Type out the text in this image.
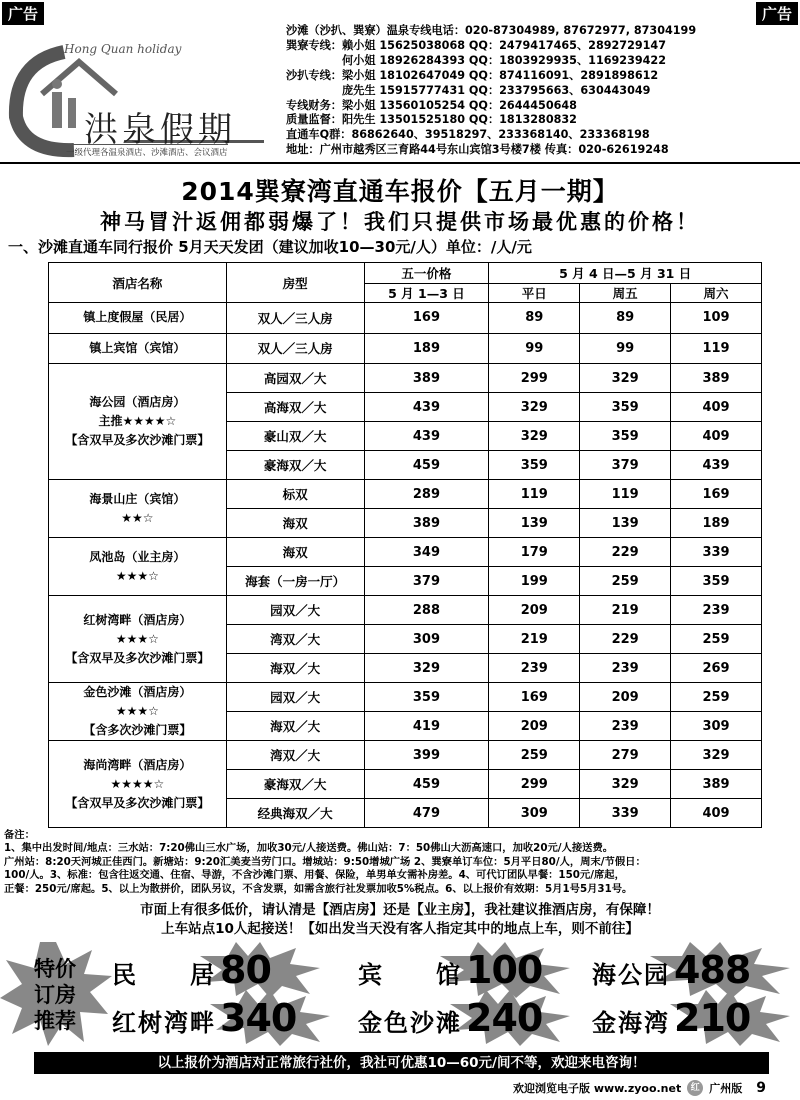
广告	广告
Hong Quan holiday
洪泉假期
一级代理各温泉酒店、沙滩酒店、会议酒店
沙滩（沙扒、巽寮）温泉专线电话：020-87304989, 87672977, 87304199
巽寮专线：赖小姐 15625038068 QQ：2479417465、2892729147
　　　　　何小姐 18926284393 QQ：1803929935、1169239422
沙扒专线：梁小姐 18102647049 QQ：874116091、2891898612
　　　　　庞先生 15915777431 QQ：233795663、630443049
专线财务：梁小姐 13560105254 QQ：2644450648
质量监督：阳先生 13501525180 QQ：1813280832
直通车Q群：86862640、39518297、233368140、233368198
地址：广州市越秀区三育路44号东山宾馆3号楼7楼 传真：020-62619248
2014巽寮湾直通车报价【五月一期】
神马冒汁返佣都弱爆了！我们只提供市场最优惠的价格！
一、沙滩直通车同行报价 5月天天发团（建议加收10—30元/人）单位：/人/元
酒店名称	房型	五一价格	5 月 4 日—5 月 31 日		
		5 月 1—3 日	平日	周五	周六

镇上度假屋（民居）	双人／三人房	169	89	89	109

镇上宾馆（宾馆）	双人／三人房	189	99	99	119

海公园（酒店房）
主推★★★★☆
【含双早及多次沙滩门票】	高园双／大	389	299	329	389
	高海双／大	439	329	359	409
	豪山双／大	439	329	359	409
	豪海双／大	459	359	379	439

海景山庄（宾馆）
★★☆	标双	289	119	119	169
	海双	389	139	139	189

凤池岛（业主房）
★★★☆	海双	349	179	229	339
	海套（一房一厅）	379	199	259	359

红树湾畔（酒店房）
★★★☆
【含双早及多次沙滩门票】	园双／大	288	209	219	239
	湾双／大	309	219	229	259
	海双／大	329	239	239	269

金色沙滩（酒店房）
★★★☆
【含多次沙滩门票】	园双／大	359	169	209	259
	海双／大	419	209	239	309

海尚湾畔（酒店房）
★★★★☆
【含双早及多次沙滩门票】	湾双／大	399	259	279	329
	豪海双／大	459	299	329	389
	经典海双／大	479	309	339	409
备注：
1、集中出发时间/地点：三水站：7:20佛山三水广场，加收30元/人接送费。佛山站：7：50佛山大沥高速口，加收20元/人接送费。
广州站：8:20天河城正佳西门。新塘站：9:20汇美麦当劳门口。增城站：9:50增城广场 2、巽寮单订车位：5月平日80/人，周末/节假日：
100/人。3、标准：包含往返交通、住宿、导游，不含沙滩门票、用餐、保险，单男单女需补房差。4、可代订团队早餐：150元/席起，
正餐：250元/席起。5、以上为散拼价，团队另议，不含发票，如需含旅行社发票加收5%税点。6、以上报价有效期：5月1号5月31号。
市面上有很多低价，请认清是【酒店房】还是【业主房】，我社建议推酒店房，有保障！
上车站点10人起接送！【如出发当天没有客人指定其中的地点上车，则不前往】
特价
订房
推荐
民　　居 80	宾　　馆 100 海公园 488
红树湾畔 340	金色沙滩 240 金海湾 210
以上报价为酒店对正常旅行社价，我社可优惠10—60元/间不等，欢迎来电咨询！
欢迎浏览电子版 www.zyoo.net	红 广州版 9
